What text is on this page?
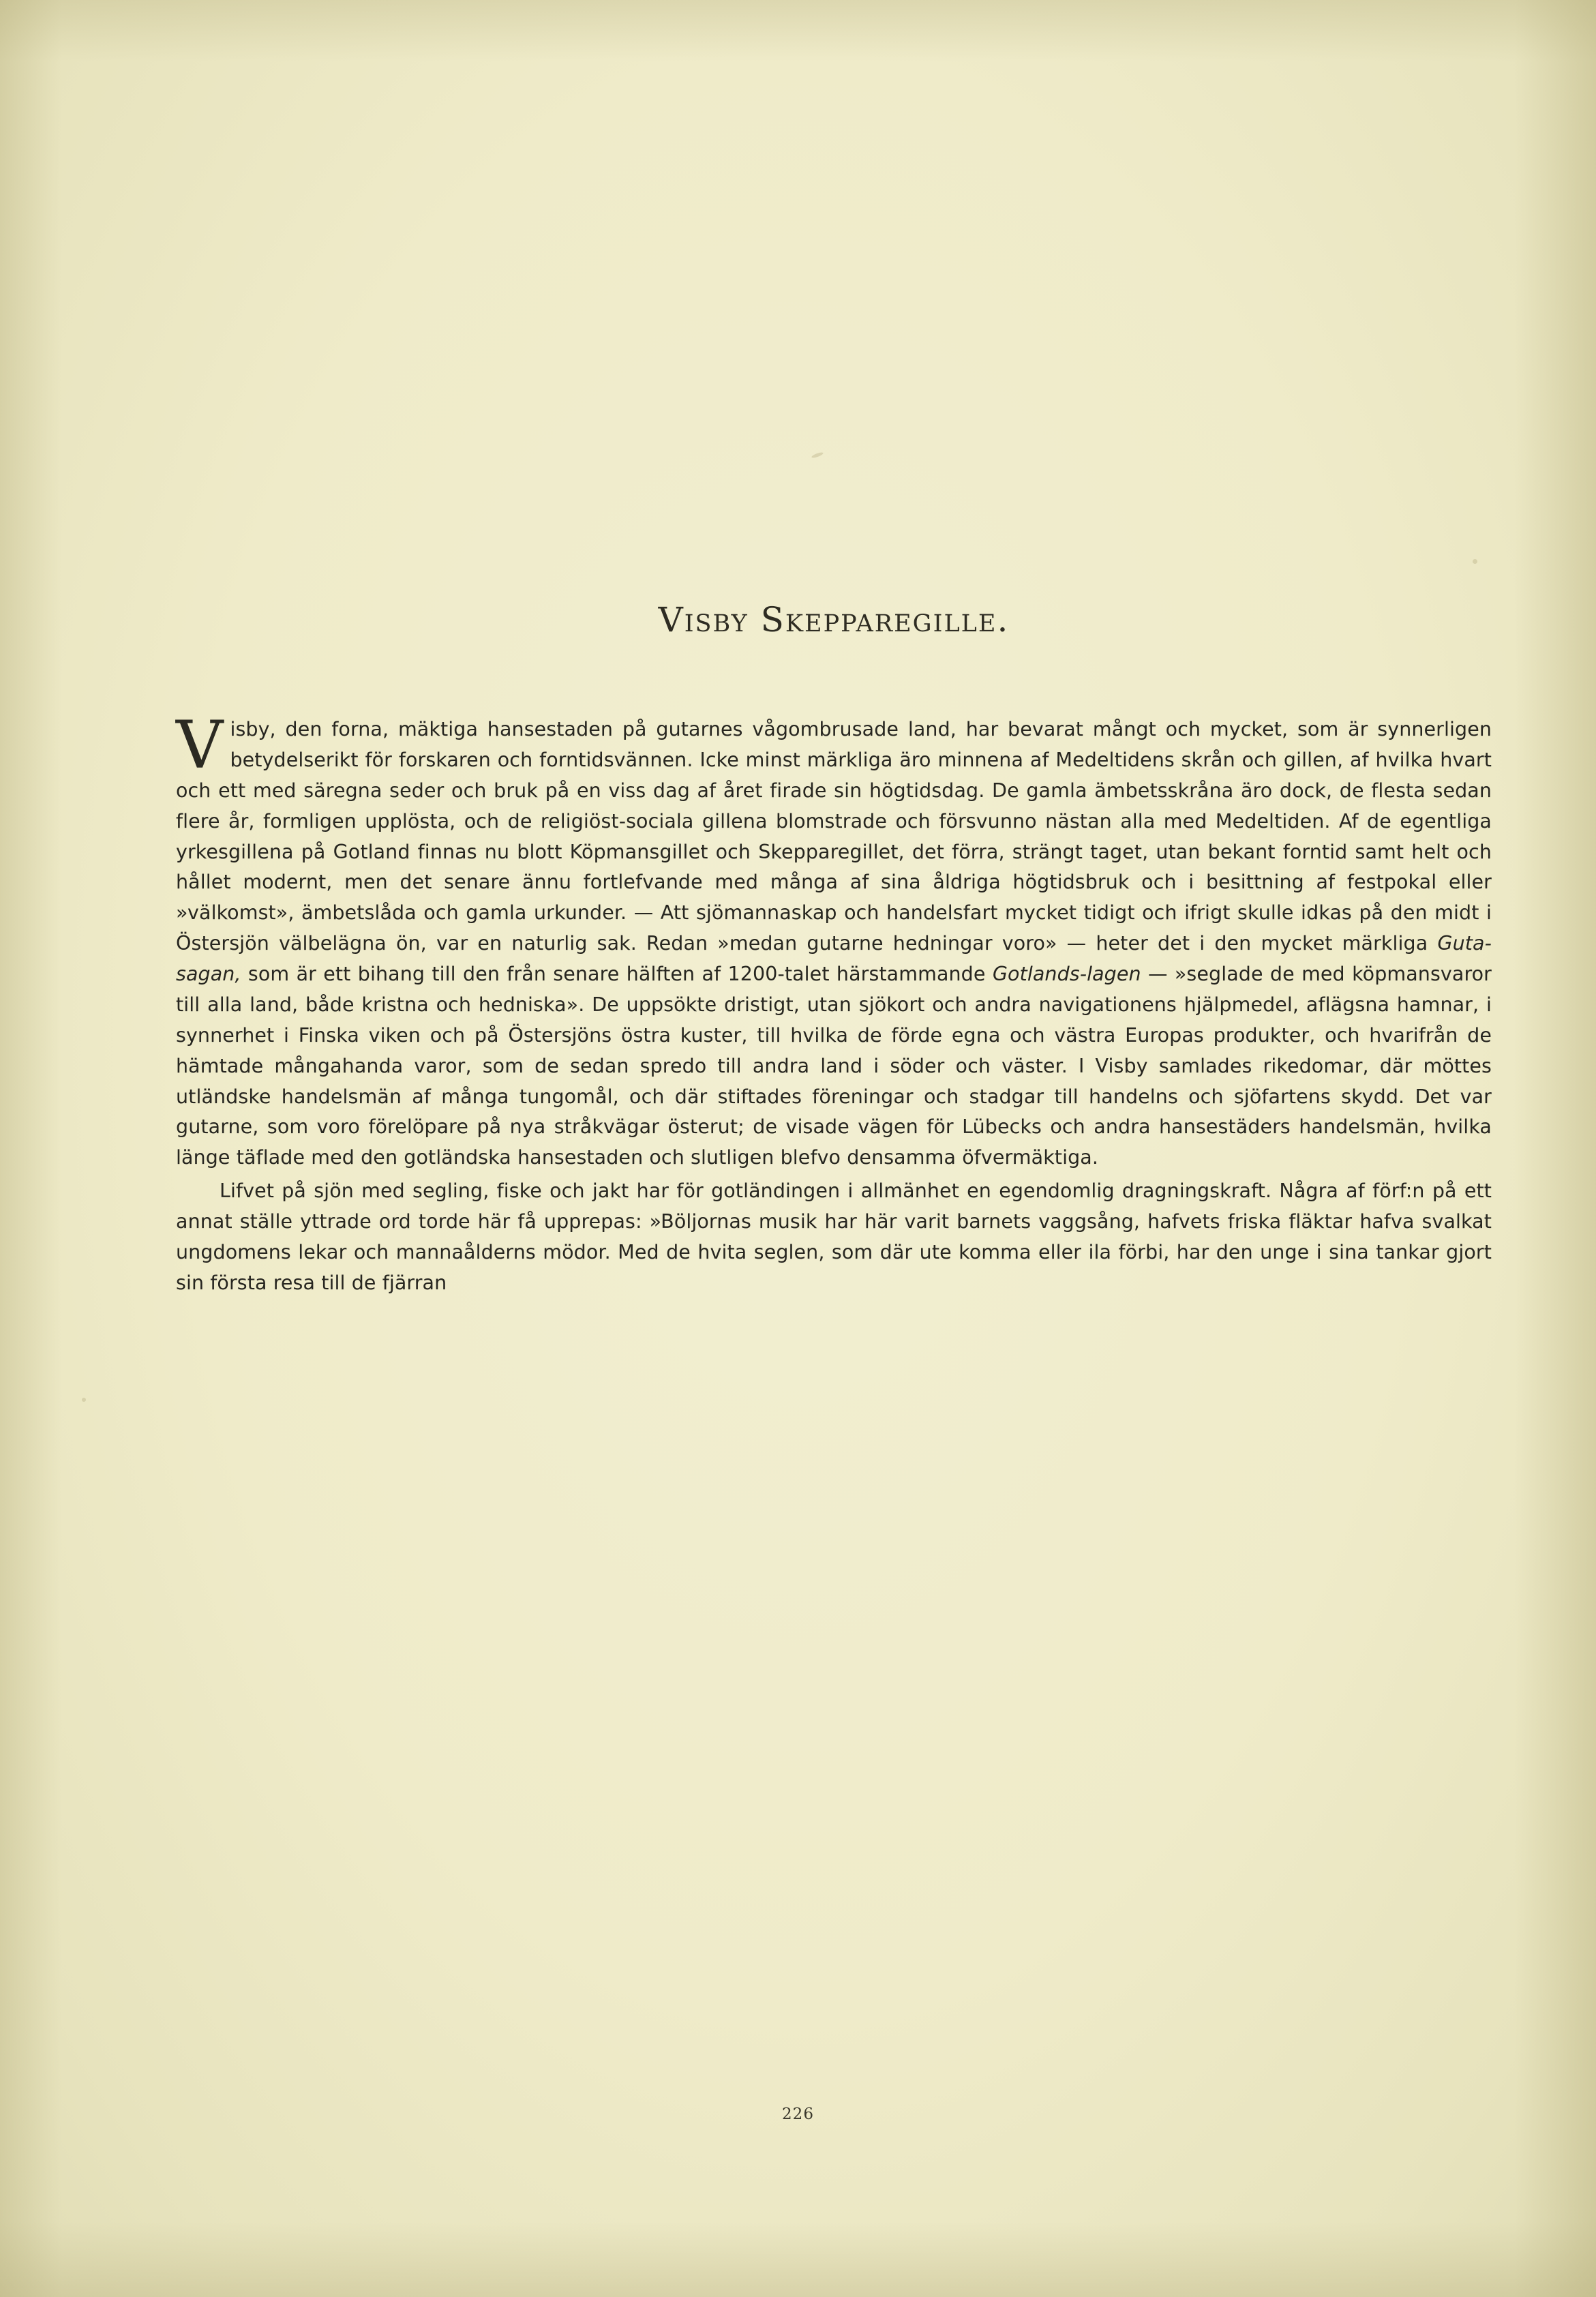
Visby Skepparegille.

Visby, den forna, mäktiga hansestaden på gutarnes vågombrusade land, har bevarat mångt och mycket, som är synnerligen betydelserikt för forskaren och forntidsvännen. Icke minst märkliga äro minnena af Medeltidens skrån och gillen, af hvilka hvart och ett med säregna seder och bruk på en viss dag af året firade sin högtidsdag. De gamla ämbetsskråna äro dock, de flesta sedan flere år, formligen upplösta, och de religiöst-sociala gillena blomstrade och försvunno nästan alla med Medeltiden. Af de egentliga yrkesgillena på Gotland finnas nu blott Köpmansgillet och Skepparegillet, det förra, strängt taget, utan bekant forntid samt helt och hållet modernt, men det senare ännu fortlefvande med många af sina åldriga högtidsbruk och i besittning af festpokal eller »välkomst», ämbetslåda och gamla urkunder. — Att sjömannaskap och handelsfart mycket tidigt och ifrigt skulle idkas på den midt i Östersjön välbelägna ön, var en naturlig sak. Redan »medan gutarne hedningar voro» — heter det i den mycket märkliga Guta-sagan, som är ett bihang till den från senare hälften af 1200-talet härstammande Gotlands-lagen — »seglade de med köpmansvaror till alla land, både kristna och hedniska». De uppsökte dristigt, utan sjökort och andra navigationens hjälpmedel, aflägsna hamnar, i synnerhet i Finska viken och på Östersjöns östra kuster, till hvilka de förde egna och västra Europas produkter, och hvarifrån de hämtade mångahanda varor, som de sedan spredo till andra land i söder och väster. I Visby samlades rikedomar, där möttes utländske handelsmän af många tungomål, och där stiftades föreningar och stadgar till handelns och sjöfartens skydd. Det var gutarne, som voro förelöpare på nya stråkvägar österut; de visade vägen för Lübecks och andra hansestäders handelsmän, hvilka länge täflade med den gotländska hansestaden och slutligen blefvo densamma öfvermäktiga.

Lifvet på sjön med segling, fiske och jakt har för gotländingen i allmänhet en egendomlig dragningskraft. Några af förf:n på ett annat ställe yttrade ord torde här få upprepas: »Böljornas musik har här varit barnets vaggsång, hafvets friska fläktar hafva svalkat ungdomens lekar och mannaålderns mödor. Med de hvita seglen, som där ute komma eller ila förbi, har den unge i sina tankar gjort sin första resa till de fjärran

226
